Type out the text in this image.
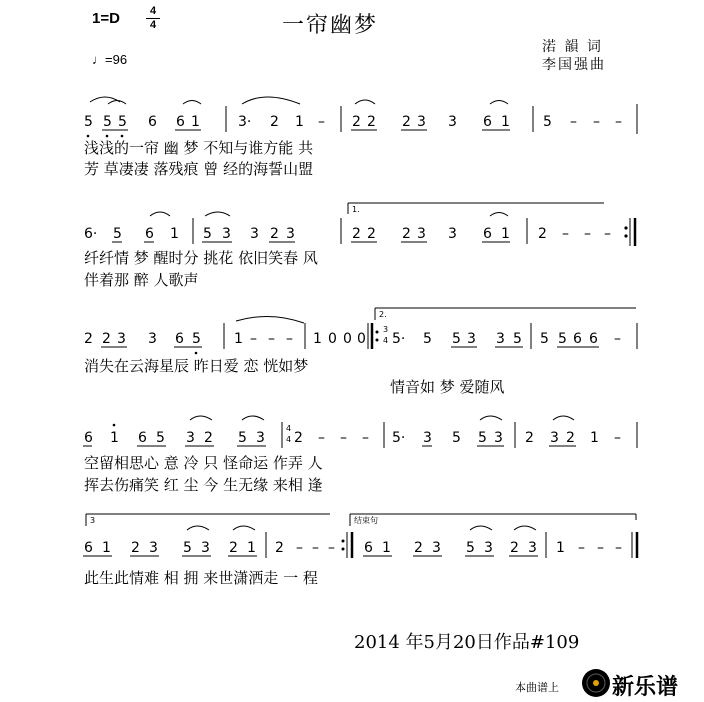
1=D	4
4	一帘幽梦
♩=96
渃 韻 词
李国强曲
5 5 5 6 6 1	3· 2 1 – 2 2 2 3 3 6 1 5 – – –
浅浅的一帘 幽 梦 不知与谁方能 共
芳 草凄凄 落残痕 曾 经的海誓山盟
1.
6· 5 6 1 5 3 3 2 3	2 2 2 3 3 6 1 2 – – –
纤纤情 梦 醒时分 挑花 依旧笑春 风
伴着那 醉 人歌声
2.
2 2 3 3 6 5 1 – – – 1 0 0 0
3
4 5· 5 5 3 3 5 5 5 6 6 –
消失在云海星辰 昨日爱 恋 恍如梦
情音如 梦 爱随风
6 1 6 5 3 2 5 3
4
4 2 – – – 5· 3 5 5 3 2 3 2 1 –
空留相思心 意 冷 只 怪命运 作弄 人
挥去伤痛笑 红 尘 今 生无缘 来相 逢
3	结束句
6 1 2 3 5 3 2 1 2 – – – 6 1 2 3 5 3 2 3 1 – – –
此生此情难 相 拥 来世潇洒走 一 程
2014 年5月20日作品#109
本曲谱上 新乐谱
